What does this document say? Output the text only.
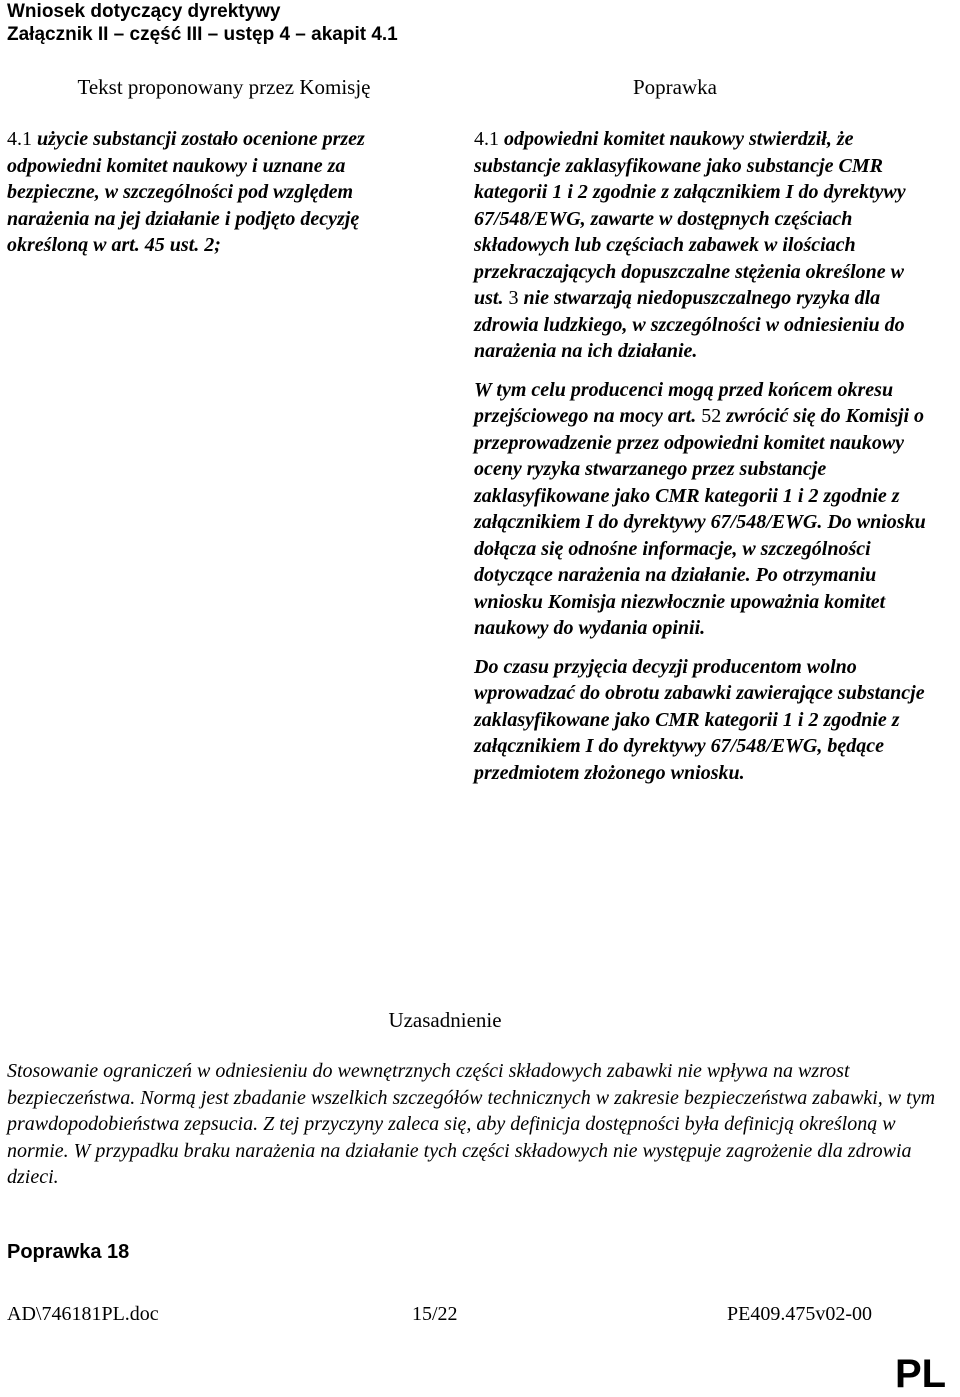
Wniosek dotyczący dyrektywy
Załącznik II – część III – ustęp 4 – akapit 4.1
Tekst proponowany przez Komisję
4.1 użycie substancji zostało ocenione przez odpowiedni komitet naukowy i uznane za bezpieczne, w szczególności pod względem narażenia na jej działanie i podjęto decyzję określoną w art. 45 ust. 2;
Poprawka

4.1 odpowiedni komitet naukowy stwierdził, że substancje zaklasyfikowane jako substancje CMR kategorii 1 i 2 zgodnie z załącznikiem I do dyrektywy 67/548/EWG, zawarte w dostępnych częściach składowych lub częściach zabawek w ilościach przekraczających dopuszczalne stężenia określone w ust. 3 nie stwarzają niedopuszczalnego ryzyka dla zdrowia ludzkiego, w szczególności w odniesieniu do narażenia na ich działanie.

W tym celu producenci mogą przed końcem okresu przejściowego na mocy art. 52 zwrócić się do Komisji o przeprowadzenie przez odpowiedni komitet naukowy oceny ryzyka stwarzanego przez substancje zaklasyfikowane jako CMR kategorii 1 i 2 zgodnie z załącznikiem I do dyrektywy 67/548/EWG. Do wniosku dołącza się odnośne informacje, w szczególności dotyczące narażenia na działanie. Po otrzymaniu wniosku Komisja niezwłocznie upoważnia komitet naukowy do wydania opinii.

Do czasu przyjęcia decyzji producentom wolno wprowadzać do obrotu zabawki zawierające substancje zaklasyfikowane jako CMR kategorii 1 i 2 zgodnie z załącznikiem I do dyrektywy 67/548/EWG, będące przedmiotem złożonego wniosku.

Uzasadnienie
Stosowanie ograniczeń w odniesieniu do wewnętrznych części składowych zabawki nie wpływa na wzrost bezpieczeństwa. Normą jest zbadanie wszelkich szczegółów technicznych w zakresie bezpieczeństwa zabawki, w tym prawdopodobieństwa zepsucia. Z tej przyczyny zaleca się, aby definicja dostępności była definicją określoną w normie. W przypadku braku narażenia na działanie tych części składowych nie występuje zagrożenie dla zdrowia dzieci.
Poprawka 18
AD\746181PL.doc	15/22	PE409.475v02-00
PL
